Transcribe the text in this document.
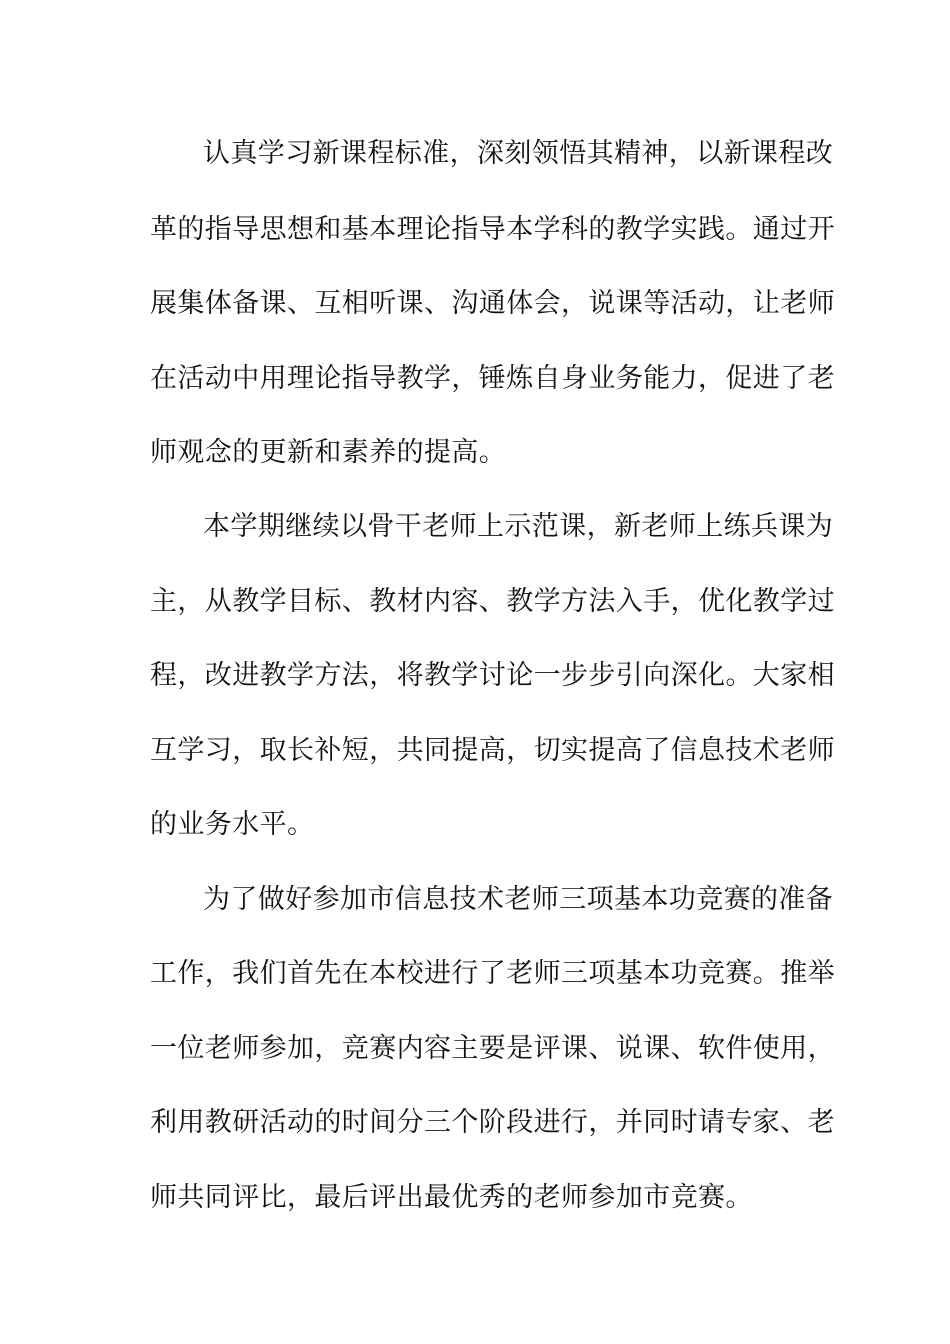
认真学习新课程标准，深刻领悟其精神，以新课程改
革的指导思想和基本理论指导本学科的教学实践。通过开
展集体备课、互相听课、沟通体会，说课等活动，让老师
在活动中用理论指导教学，锤炼自身业务能力，促进了老
师观念的更新和素养的提高。
本学期继续以骨干老师上示范课，新老师上练兵课为
主，从教学目标、教材内容、教学方法入手，优化教学过
程，改进教学方法，将教学讨论一步步引向深化。大家相
互学习，取长补短，共同提高，切实提高了信息技术老师
的业务水平。
为了做好参加市信息技术老师三项基本功竞赛的准备
工作，我们首先在本校进行了老师三项基本功竞赛。推举
一位老师参加，竞赛内容主要是评课、说课、软件使用，
利用教研活动的时间分三个阶段进行，并同时请专家、老
师共同评比，最后评出最优秀的老师参加市竞赛。
